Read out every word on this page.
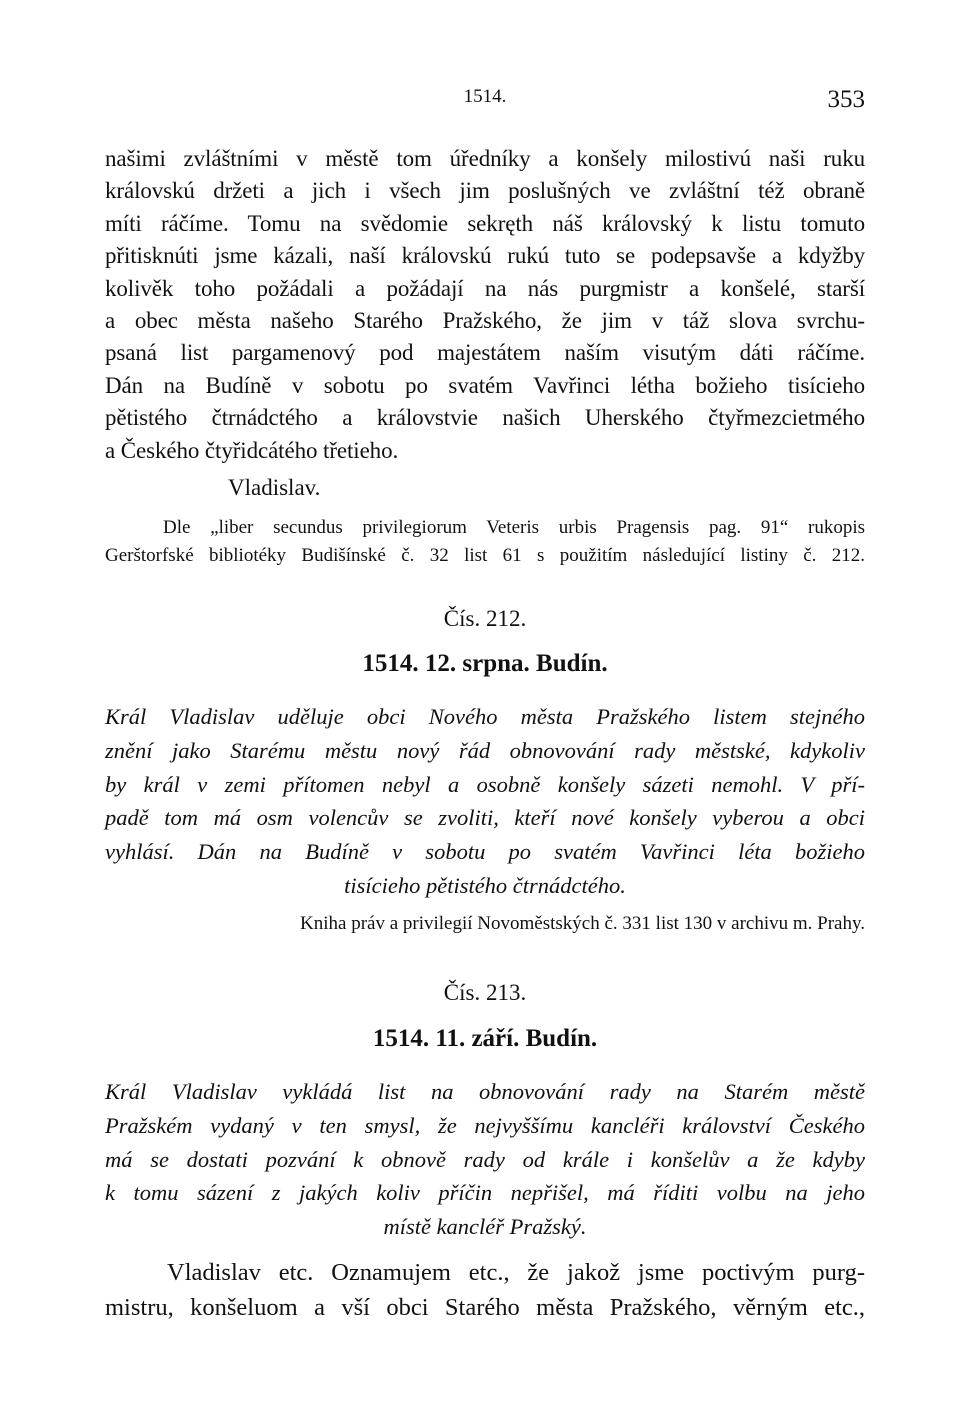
1514.	353
našimi zvláštními v městě tom úředníky a konšely milostivú naši ruku
královskú držeti a jich i všech jim poslušných ve zvláštní též obraně
míti ráčíme. Tomu na svědomie sekręth náš královský k listu tomuto
přitisknúti jsme kázali, naší královskú rukú tuto se podepsavše a kdyžby
kolivěk toho požádali a požádají na nás purgmistr a konšelé, starší
a obec města našeho Starého Pražského, že jim v táž slova svrchu-
psaná list pargamenový pod majestátem naším visutým dáti ráčíme.
Dán na Budíně v sobotu po svatém Vavřinci létha božieho tisícieho
pětistého čtrnádctého a královstvie našich Uherského čtyřmezcietmého
a Českého čtyřidcátého třetieho.
Vladislav.
Dle „liber secundus privilegiorum Veteris urbis Pragensis pag. 91“ rukopis
Gerštorfské bibliotéky Budišínské č. 32 list 61 s použitím následující listiny č. 212.
Čís. 212.
1514. 12. srpna. Budín.
Král Vladislav uděluje obci Nového města Pražského listem stejného
znění jako Starému městu nový řád obnovování rady městské, kdykoliv
by král v zemi přítomen nebyl a osobně konšely sázeti nemohl. V pří-
padě tom má osm volencův se zvoliti, kteří nové konšely vyberou a obci
vyhlásí. Dán na Budíně v sobotu po svatém Vavřinci léta božieho
tisícieho pětistého čtrnádctého.
Kniha práv a privilegií Novoměstských č. 331 list 130 v archivu m. Prahy.
Čís. 213.
1514. 11. září. Budín.
Král Vladislav vykládá list na obnovování rady na Starém městě
Pražském vydaný v ten smysl, že nejvyššímu kancléři království Českého
má se dostati pozvání k obnově rady od krále i konšelův a že kdyby
k tomu sázení z jakých koliv příčin nepřišel, má říditi volbu na jeho
místě kancléř Pražský.
Vladislav etc. Oznamujem etc., že jakož jsme poctivým purg-
mistru, konšeluom a vší obci Starého města Pražského, věrným etc.,
